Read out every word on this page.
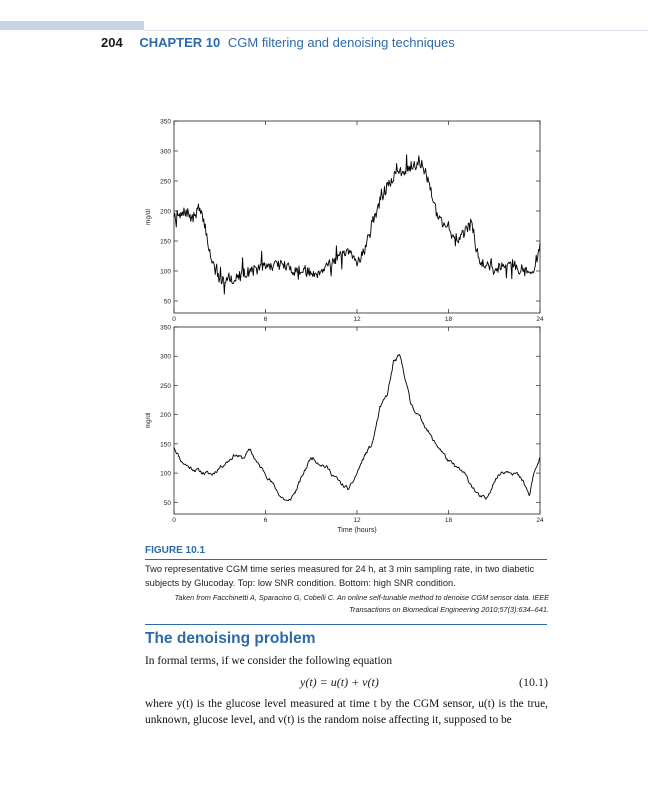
204 CHAPTER 10 CGM filtering and denoising techniques
50
100
150
200
250
300
350
0	6	12	18	24
mg/dl
50
100
150
200
250
300
350
0	6	12	18	24
mg/dl
Time (hours)
FIGURE 10.1
Two representative CGM time series measured for 24 h, at 3 min sampling rate, in two diabetic subjects by Glucoday. Top: low SNR condition. Bottom: high SNR condition.
Taken from Facchinetti A, Sparacino G, Cobelli C. An online self-tunable method to denoise CGM sensor data. IEEE Transactions on Biomedical Engineering 2010;57(3):634–641.
The denoising problem
In formal terms, if we consider the following equation
y(t) = u(t) + v(t)	(10.1)
where y(t) is the glucose level measured at time t by the CGM sensor, u(t) is the true, unknown, glucose level, and v(t) is the random noise affecting it, supposed to be
